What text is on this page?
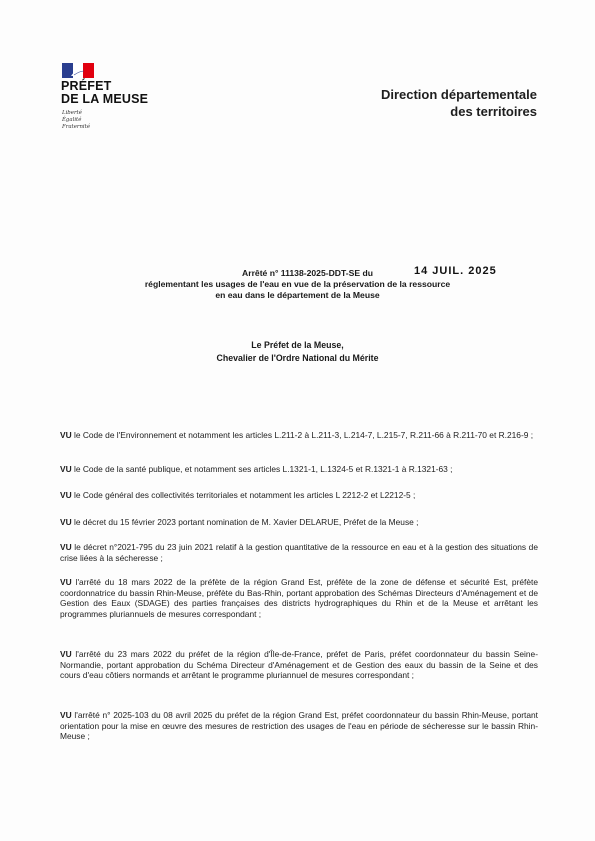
PRÉFET
DE LA MEUSE
Liberté
Égalité
Fraternité
Direction départementale
des territoires
Arrêté n° 11138-2025-DDT-SE du
réglementant les usages de l'eau en vue de la préservation de la ressource
en eau dans le département de la Meuse
14 JUIL. 2025
Le Préfet de la Meuse,
Chevalier de l'Ordre National du Mérite

VU le Code de l'Environnement et notamment les articles L.211-2 à L.211-3, L.214-7, L.215-7, R.211-66 à R.211-70 et R.216-9 ;

VU le Code de la santé publique, et notamment ses articles L.1321-1, L.1324-5 et R.1321-1 à R.1321-63 ;

VU le Code général des collectivités territoriales et notamment les articles L 2212-2 et L2212-5 ;

VU le décret du 15 février 2023 portant nomination de M. Xavier DELARUE, Préfet de la Meuse ;

VU le décret n°2021-795 du 23 juin 2021 relatif à la gestion quantitative de la ressource en eau et à la gestion des situations de crise liées à la sécheresse ;

VU l'arrêté du 18 mars 2022 de la préfète de la région Grand Est, préfète de la zone de défense et sécurité Est, préfète coordonnatrice du bassin Rhin-Meuse, préfète du Bas-Rhin, portant approbation des Schémas Directeurs d'Aménagement et de Gestion des Eaux (SDAGE) des parties françaises des districts hydrographiques du Rhin et de la Meuse et arrêtant les programmes pluriannuels de mesures correspondant ;

VU l'arrêté du 23 mars 2022 du préfet de la région d'Île-de-France, préfet de Paris, préfet coordonnateur du bassin Seine-Normandie, portant approbation du Schéma Directeur d'Aménagement et de Gestion des eaux du bassin de la Seine et des cours d'eau côtiers normands et arrêtant le programme pluriannuel de mesures correspondant ;

VU l'arrêté n° 2025-103 du 08 avril 2025 du préfet de la région Grand Est, préfet coordonnateur du bassin Rhin-Meuse, portant orientation pour la mise en œuvre des mesures de restriction des usages de l'eau en période de sécheresse sur le bassin Rhin-Meuse ;
